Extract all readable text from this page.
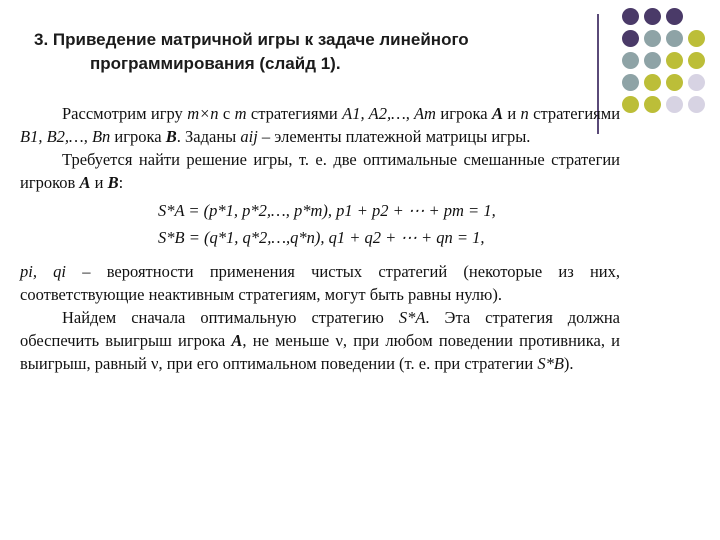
3. Приведение матричной игры к задаче линейного
программирования (слайд 1).

Рассмотрим игру m×n с m стратегиями A1, A2,…, Am игрока A и n стратегиями B1, B2,…, Bn игрока B. Заданы aij – элементы платежной матрицы игры.

Требуется найти решение игры, т. е. две оптимальные смешанные стратегии игроков A и B:

S*A = (p*1, p*2,…, p*m), p1 + p2 + ⋯ + pm = 1,
S*B = (q*1, q*2,…,q*n), q1 + q2 + ⋯ + qn = 1,

pi, qi – вероятности применения чистых стратегий (некоторые из них, соответствующие неактивным стратегиям, могут быть равны нулю).

Найдем сначала оптимальную стратегию S*A. Эта стратегия должна обеспечить выигрыш игрока A, не меньше ν, при любом поведении противника, и выигрыш, равный ν, при его оптимальном поведении (т. е. при стратегии S*B).
